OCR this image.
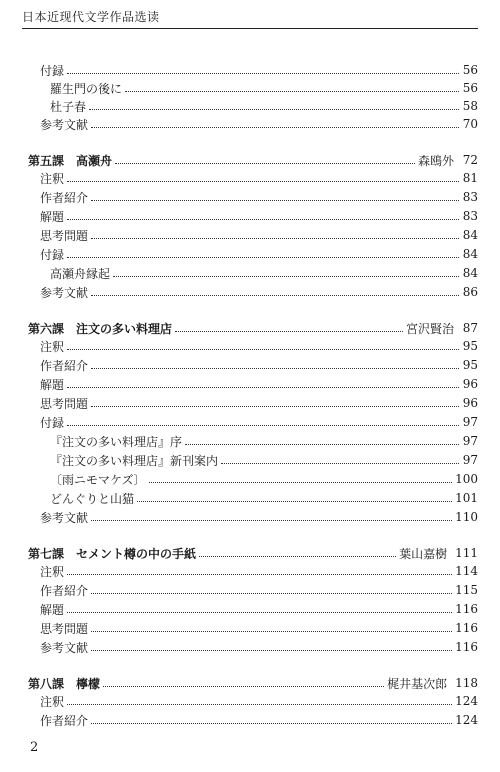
日本近现代文学作品选读
付録	56
羅生門の後に	56
杜子春	58
参考文献	70
第五課　高瀬舟	森鴎外 72
注釈	81
作者紹介	83
解題	83
思考問題	84
付録	84
高瀬舟縁起	84
参考文献	86
第六課　注文の多い料理店	宮沢賢治 87
注釈	95
作者紹介	95
解題	96
思考問題	96
付録	97
『注文の多い料理店』序	97
『注文の多い料理店』新刊案内	97
〔雨ニモマケズ〕	100
どんぐりと山猫	101
参考文献	110
第七課　セメント樽の中の手紙	葉山嘉樹 111
注釈	114
作者紹介	115
解題	116
思考問題	116
参考文献	116
第八課　檸檬	梶井基次郎 118
注釈	124
作者紹介	124
2
